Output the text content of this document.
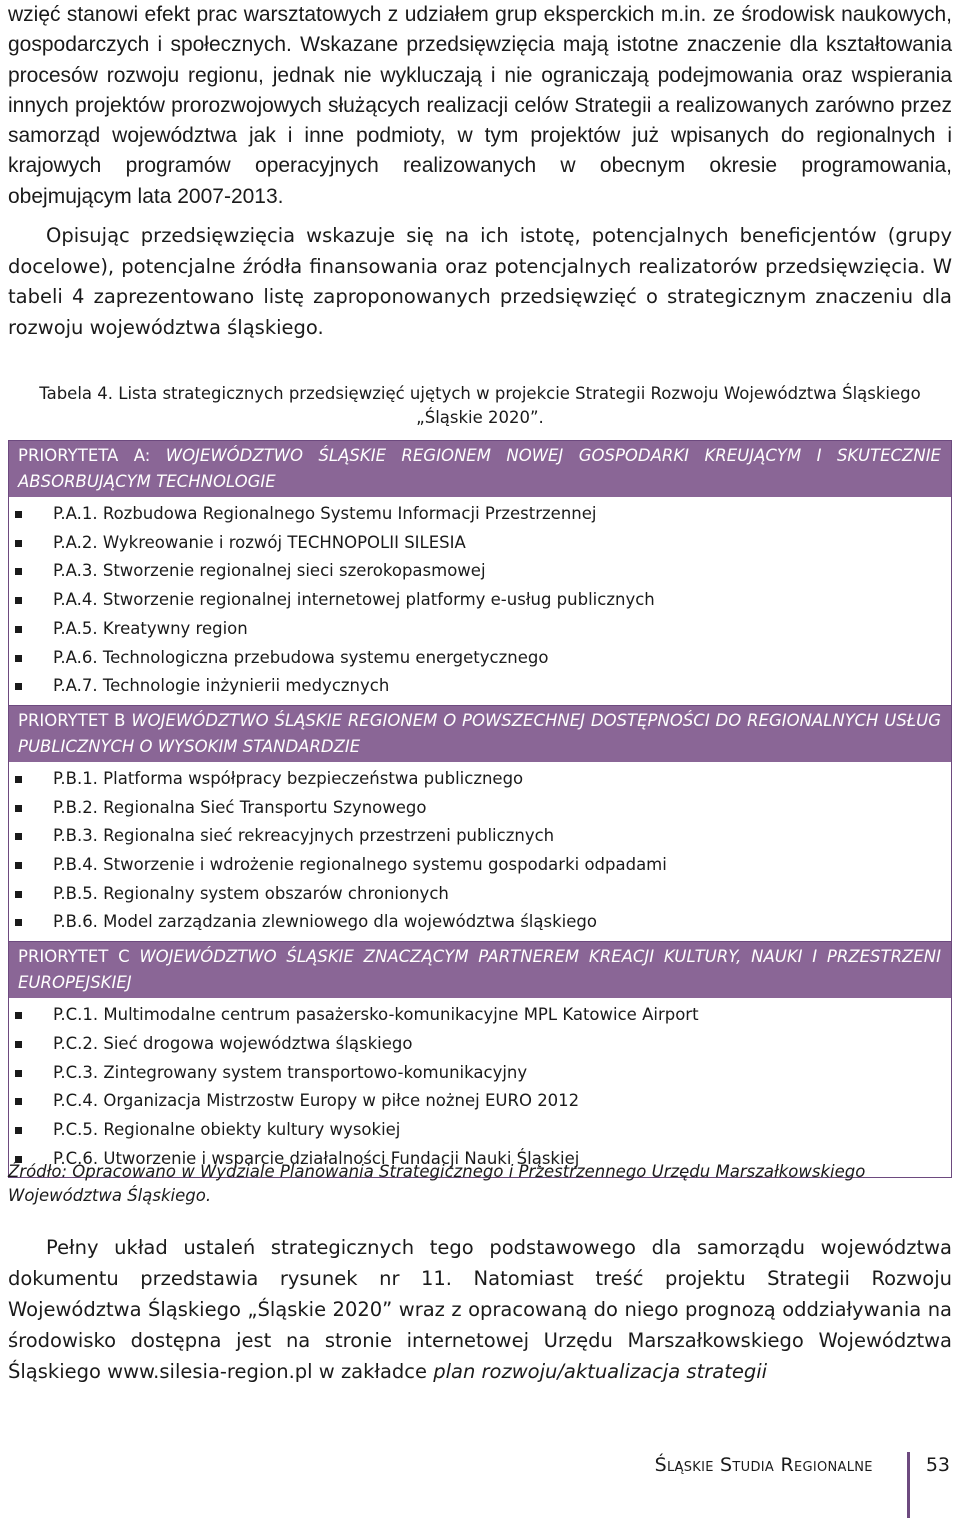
wzięć stanowi efekt prac warsztatowych z udziałem grup eksperckich m.in. ze środowisk naukowych, gospodarczych i społecznych. Wskazane przedsięwzięcia mają istotne znaczenie dla kształtowania procesów rozwoju regionu, jednak nie wykluczają i nie ograniczają podejmowania oraz wspierania innych projektów prorozwojowych służących realizacji celów Strategii a realizowanych zarówno przez samorząd województwa jak i inne podmioty, w tym projektów już wpisanych do regionalnych i krajowych programów operacyjnych realizowanych w obecnym okresie programowania, obejmującym lata 2007-2013.

Opisując przedsięwzięcia wskazuje się na ich istotę, potencjalnych beneficjentów (grupy docelowe), potencjalne źródła finansowania oraz potencjalnych realizatorów przedsięwzięcia. W tabeli 4 zaprezentowano listę zaproponowanych przedsięwzięć o strategicznym znaczeniu dla rozwoju województwa śląskiego.

Tabela 4. Lista strategicznych przedsięwzięć ujętych w projekcie Strategii Rozwoju Województwa Śląskiego „Śląskie 2020”.
PRIORYTETA A: WOJEWÓDZTWO ŚLĄSKIE REGIONEM NOWEJ GOSPODARKI KREUJĄCYM I SKUTECZNIE ABSORBUJĄCYM TECHNOLOGIE
P.A.1. Rozbudowa Regionalnego Systemu Informacji Przestrzennej
P.A.2. Wykreowanie i rozwój TECHNOPOLII SILESIA
P.A.3. Stworzenie regionalnej sieci szerokopasmowej
P.A.4. Stworzenie regionalnej internetowej platformy e-usług publicznych
P.A.5. Kreatywny region
P.A.6. Technologiczna przebudowa systemu energetycznego
P.A.7. Technologie inżynierii medycznych
PRIORYTET B WOJEWÓDZTWO ŚLĄSKIE REGIONEM O POWSZECHNEJ DOSTĘPNOŚCI DO REGIONALNYCH USŁUG PUBLICZNYCH O WYSOKIM STANDARDZIE
P.B.1. Platforma współpracy bezpieczeństwa publicznego
P.B.2. Regionalna Sieć Transportu Szynowego
P.B.3. Regionalna sieć rekreacyjnych przestrzeni publicznych
P.B.4. Stworzenie i wdrożenie regionalnego systemu gospodarki odpadami
P.B.5. Regionalny system obszarów chronionych
P.B.6. Model zarządzania zlewniowego dla województwa śląskiego
PRIORYTET C WOJEWÓDZTWO ŚLĄSKIE ZNACZĄCYM PARTNEREM KREACJI KULTURY, NAUKI I PRZESTRZENI EUROPEJSKIEJ
P.C.1. Multimodalne centrum pasażersko-komunikacyjne MPL Katowice Airport
P.C.2. Sieć drogowa województwa śląskiego
P.C.3. Zintegrowany system transportowo-komunikacyjny
P.C.4. Organizacja Mistrzostw Europy w piłce nożnej EURO 2012
P.C.5. Regionalne obiekty kultury wysokiej
P.C.6. Utworzenie i wsparcie działalności Fundacji Nauki Śląskiej
Źródło: Opracowano w Wydziale Planowania Strategicznego i Przestrzennego Urzędu Marszałkowskiego Województwa Śląskiego.

Pełny układ ustaleń strategicznych tego podstawowego dla samorządu województwa dokumentu przedstawia rysunek nr 11. Natomiast treść projektu Strategii Rozwoju Województwa Śląskiego „Śląskie 2020” wraz z opracowaną do niego prognozą oddziaływania na środowisko dostępna jest na stronie internetowej Urzędu Marszałkowskiego Województwa Śląskiego www.silesia-region.pl w zakładce plan rozwoju/aktualizacja strategii

Śląskie Studia Regionalne	53
